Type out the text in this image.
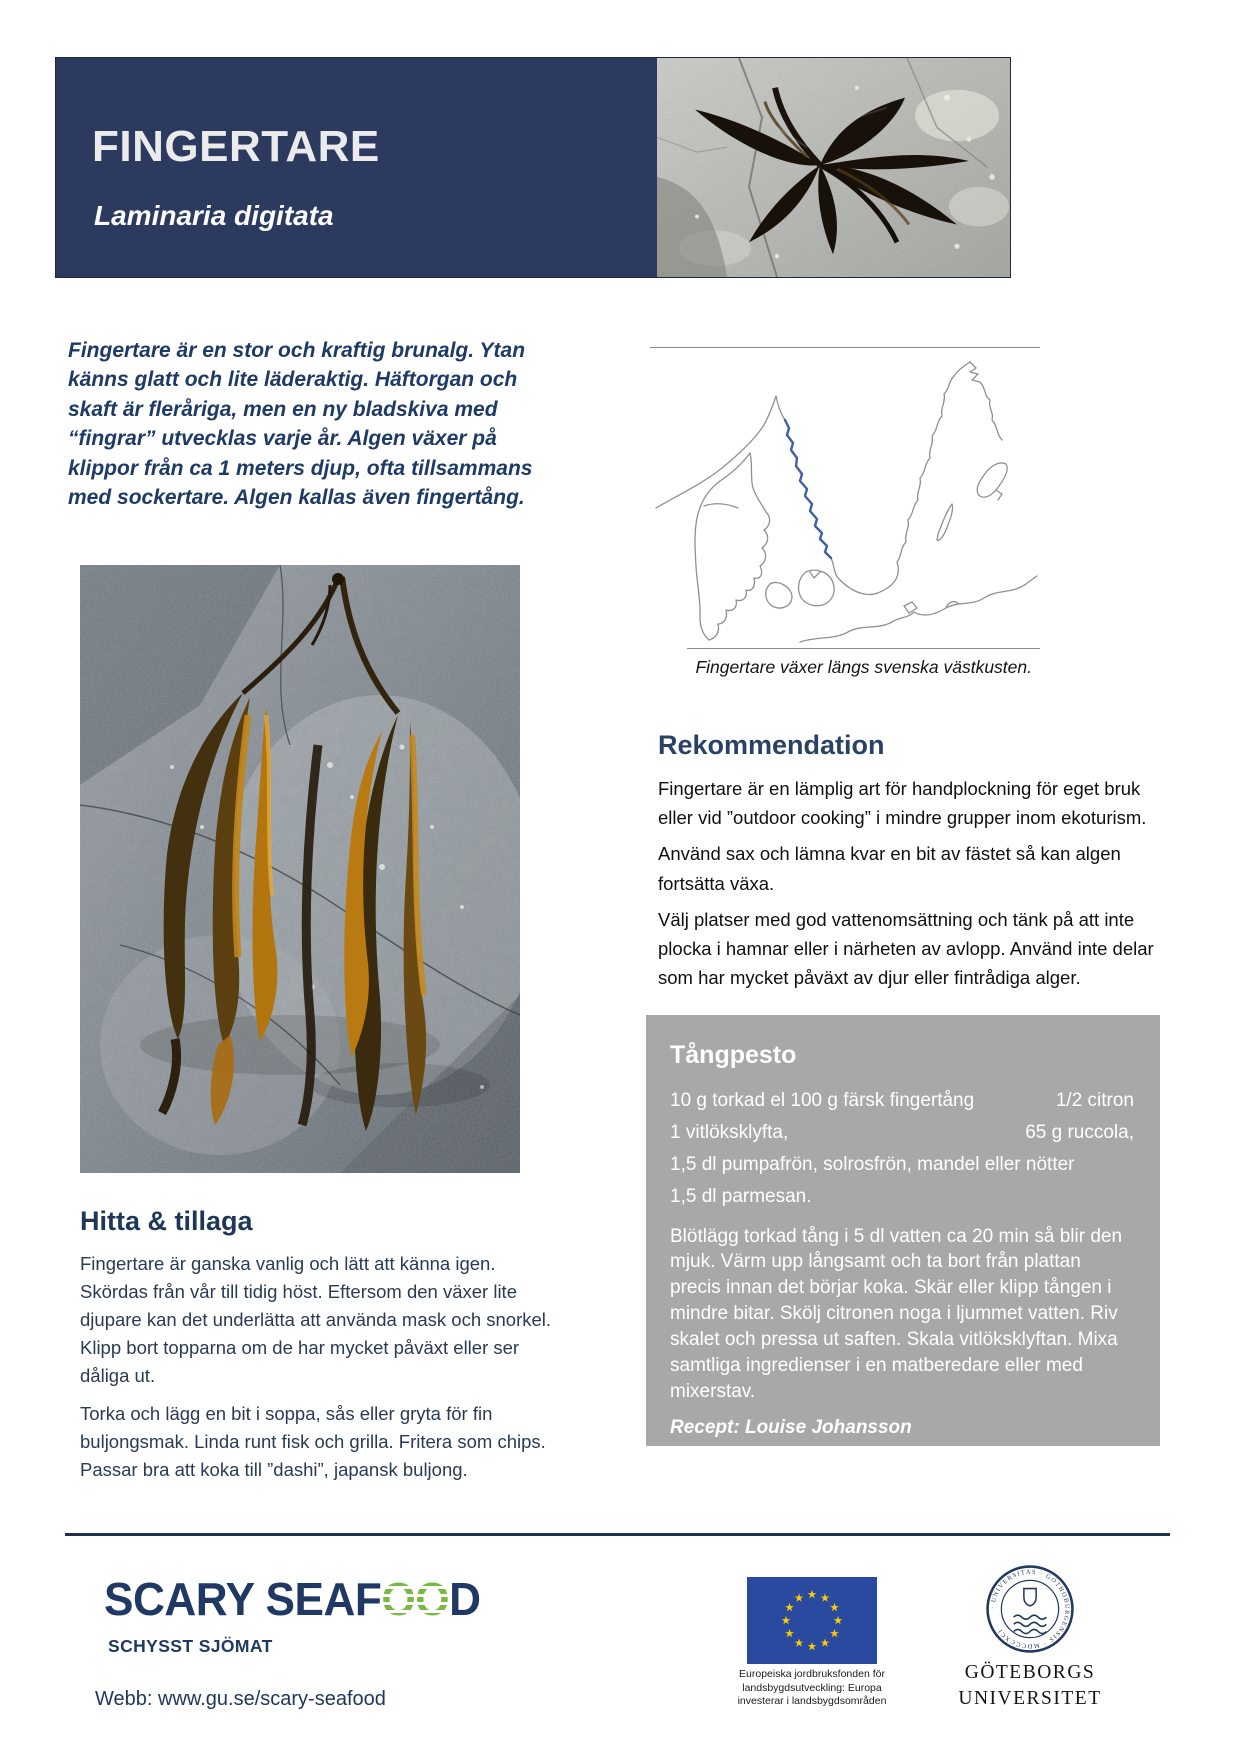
FINGERTARE
Laminaria digitata

Fingertare är en stor och kraftig brunalg. Ytan känns glatt och lite läderaktig. Häftorgan och skaft är fleråriga, men en ny bladskiva med “fingrar” utvecklas varje år. Algen växer på klippor från ca 1 meters djup, ofta tillsammans med sockertare. Algen kallas även fingertång.

Fingertare växer längs svenska västkusten.
Rekommendation

Fingertare är en lämplig art för handplockning för eget bruk eller vid ”outdoor cooking” i mindre grupper inom ekoturism.

Använd sax och lämna kvar en bit av fästet så kan algen fortsätta växa.

Välj platser med god vattenomsättning och tänk på att inte plocka i hamnar eller i närheten av avlopp. Använd inte delar som har mycket påväxt av djur eller fintrådiga alger.

Tångpesto
10 g torkad el 100 g färsk fingertång	1/2 citron
1 vitlöksklyfta,	65 g ruccola,
1,5 dl pumpafrön, solrosfrön, mandel eller nötter
1,5 dl parmesan.

Blötlägg torkad tång i 5 dl vatten ca 20 min så blir den mjuk. Värm upp långsamt och ta bort från plattan precis innan det börjar koka. Skär eller klipp tången i mindre bitar. Skölj citronen noga i ljummet vatten. Riv skalet och pressa ut saften. Skala vitlöksklyftan. Mixa samtliga ingredienser i en matberedare eller med mixerstav.

Recept: Louise Johansson

Hitta & tillaga

Fingertare är ganska vanlig och lätt att känna igen. Skördas från vår till tidig höst. Eftersom den växer lite djupare kan det underlätta att använda mask och snorkel. Klipp bort topparna om de har mycket påväxt eller ser dåliga ut.

Torka och lägg en bit i soppa, sås eller gryta för fin buljongsmak. Linda runt fisk och grilla. Fritera som chips. Passar bra att koka till ”dashi”, japansk buljong.

SCARY SEAFOOD
SCHYSST SJÖMAT
Webb: www.gu.se/scary-seafood
Europeiska jordbruksfonden för
landsbygdsutveckling: Europa
investerar i landsbygdsområden
· UNIVERSITAS · GOTHOBURGENSIS · MDCCCXCI
GÖTEBORGS
UNIVERSITET
